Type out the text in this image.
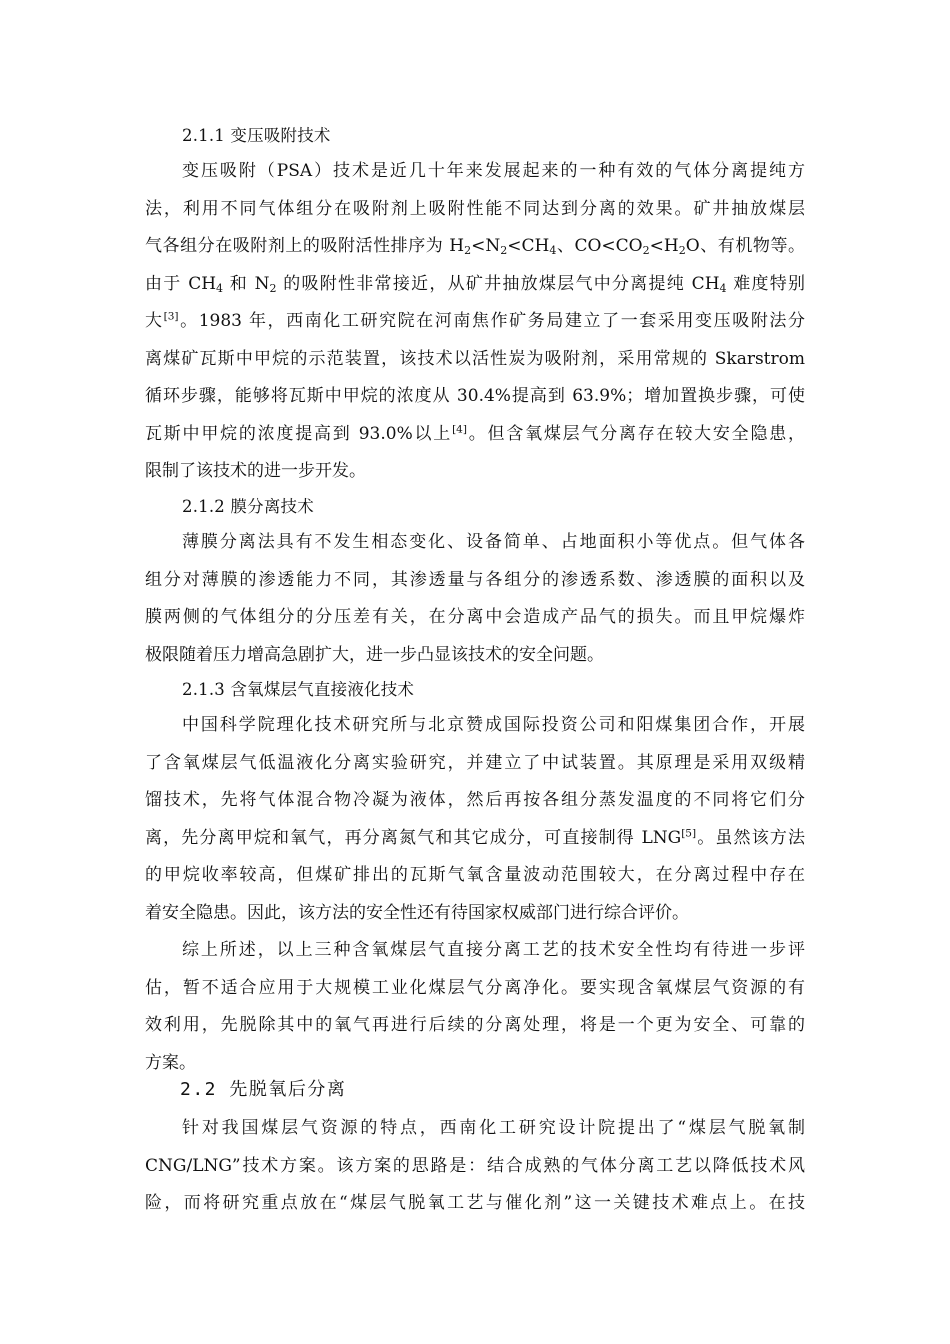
2.1.1 变压吸附技术
变压吸附（PSA）技术是近几十年来发展起来的一种有效的气体分离提纯方
法，利用不同气体组分在吸附剂上吸附性能不同达到分离的效果。矿井抽放煤层
气各组分在吸附剂上的吸附活性排序为 $H_2<N_2<CH_4$、$CO<CO_2<H_2O$、有机物等。
由于 $CH_4$ 和 $N_2$ 的吸附性非常接近，从矿井抽放煤层气中分离提纯 $CH_4$ 难度特别
大[3]。1983 年，西南化工研究院在河南焦作矿务局建立了一套采用变压吸附法分
离煤矿瓦斯中甲烷的示范装置，该技术以活性炭为吸附剂，采用常规的 Skarstrom
循环步骤，能够将瓦斯中甲烷的浓度从 30.4%提高到 63.9%；增加置换步骤，可使
瓦斯中甲烷的浓度提高到 93.0%以上[4]。但含氧煤层气分离存在较大安全隐患，
限制了该技术的进一步开发。
2.1.2 膜分离技术
薄膜分离法具有不发生相态变化、设备简单、占地面积小等优点。但气体各
组分对薄膜的渗透能力不同，其渗透量与各组分的渗透系数、渗透膜的面积以及
膜两侧的气体组分的分压差有关，在分离中会造成产品气的损失。而且甲烷爆炸
极限随着压力增高急剧扩大，进一步凸显该技术的安全问题。
2.1.3 含氧煤层气直接液化技术
中国科学院理化技术研究所与北京赞成国际投资公司和阳煤集团合作，开展
了含氧煤层气低温液化分离实验研究，并建立了中试装置。其原理是采用双级精
馏技术，先将气体混合物冷凝为液体，然后再按各组分蒸发温度的不同将它们分
离，先分离甲烷和氧气，再分离氮气和其它成分，可直接制得 LNG[5]。虽然该方法
的甲烷收率较高，但煤矿排出的瓦斯气氧含量波动范围较大，在分离过程中存在
着安全隐患。因此，该方法的安全性还有待国家权威部门进行综合评价。
综上所述，以上三种含氧煤层气直接分离工艺的技术安全性均有待进一步评
估，暂不适合应用于大规模工业化煤层气分离净化。要实现含氧煤层气资源的有
效利用，先脱除其中的氧气再进行后续的分离处理，将是一个更为安全、可靠的
方案。
2.2 先脱氧后分离
针对我国煤层气资源的特点，西南化工研究设计院提出了“煤层气脱氧制
CNG/LNG”技术方案。该方案的思路是：结合成熟的气体分离工艺以降低技术风
险，而将研究重点放在“煤层气脱氧工艺与催化剂”这一关键技术难点上。在技
